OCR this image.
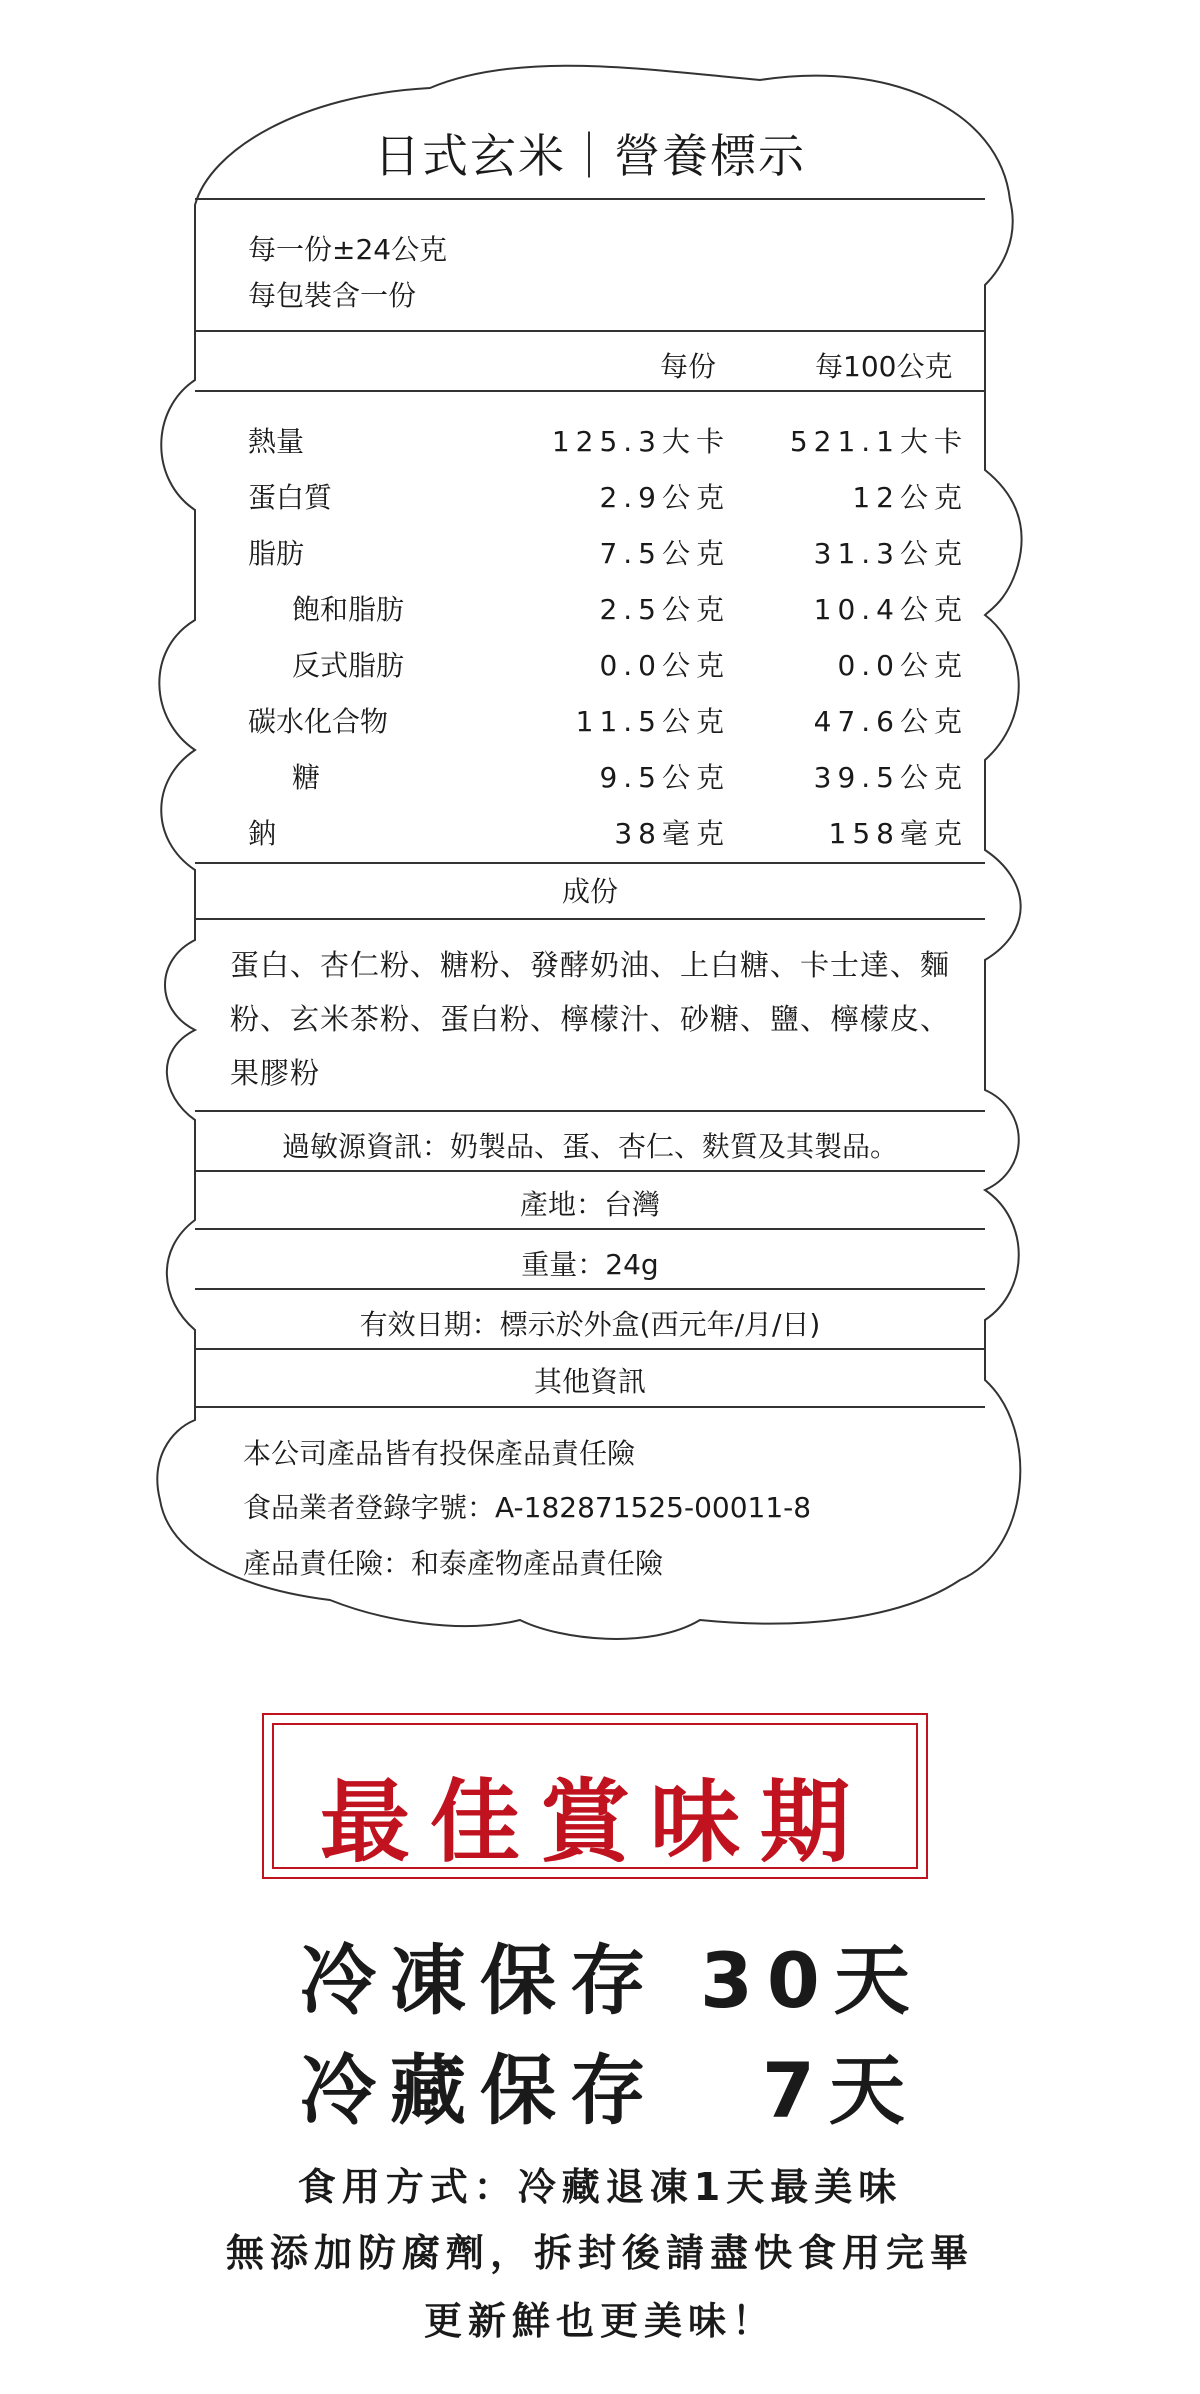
日式玄米｜營養標示
每一份±24公克
每包裝含一份
每份	每100公克
熱量	125.3大卡 521.1大卡
蛋白質	2.9公克	12公克
脂肪	7.5公克	31.3公克
飽和脂肪	2.5公克	10.4公克
反式脂肪	0.0公克	0.0公克
碳水化合物	11.5公克	47.6公克
糖	9.5公克	39.5公克
鈉	38毫克	158毫克
成份
蛋白、杏仁粉、糖粉、發酵奶油、上白糖、卡士達、麵粉、玄米茶粉、蛋白粉、檸檬汁、砂糖、鹽、檸檬皮、果膠粉
過敏源資訊：奶製品、蛋、杏仁、麩質及其製品。
產地：台灣
重量：24g
有效日期：標示於外盒(西元年/月/日)
其他資訊
本公司產品皆有投保產品責任險
食品業者登錄字號：A-182871525-00011-8
產品責任險：和泰產物產品責任險
最佳賞味期
冷凍保存 30天
冷藏保存 7天
食用方式：冷藏退凍1天最美味
無添加防腐劑，拆封後請盡快食用完畢
更新鮮也更美味！
